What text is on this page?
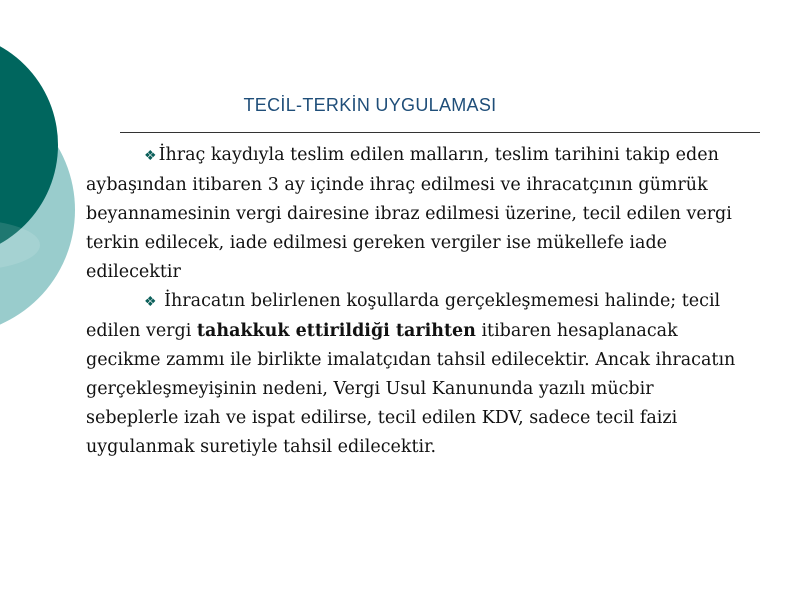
TECİL-TERKİN UYGULAMASI

❖ İhraç kaydıyla teslim edilen malların, teslim tarihini takip eden aybaşından itibaren 3 ay içinde ihraç edilmesi ve ihracatçının gümrük beyannamesinin vergi dairesine ibraz edilmesi üzerine, tecil edilen vergi terkin edilecek, iade edilmesi gereken vergiler ise mükellefe iade edilecektir

❖ İhracatın belirlenen koşullarda gerçekleşmemesi halinde; tecil edilen vergi tahakkuk ettirildiği tarihten itibaren hesaplanacak gecikme zammı ile birlikte imalatçıdan tahsil edilecektir. Ancak ihracatın gerçekleşmeyişinin nedeni, Vergi Usul Kanununda yazılı mücbir sebeplerle izah ve ispat edilirse, tecil edilen KDV, sadece tecil faizi uygulanmak suretiyle tahsil edilecektir.
